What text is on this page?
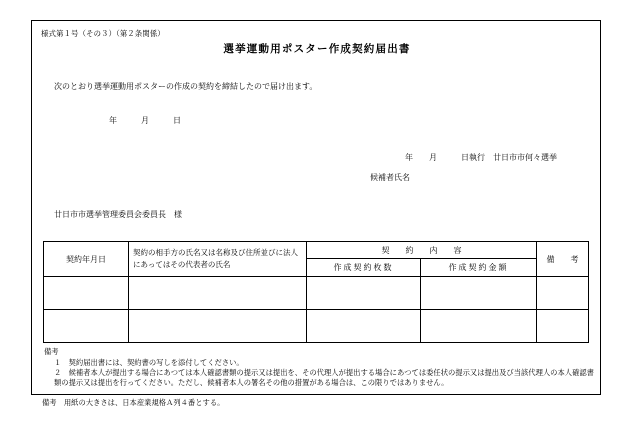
様式第１号（その３）（第２条関係）
選挙運動用ポスター作成契約届出書
次のとおり選挙運動用ポスターの作成の契約を締結したので届け出ます。
年　　　月　　　日
年　　月　　　日執行　廿日市市何々選挙
候補者氏名
廿日市市選挙管理委員会委員長　様
契約年月日	契約の相手方の氏名又は名称及び住所並びに法人にあってはその代表者の氏名	契　　約　　内　　容		備　　考
		作成契約枚数	作成契約金額	

備考
１　契約届出書には、契約書の写しを添付してください。
２　候補者本人が提出する場合にあつては本人確認書類の提示又は提出を、その代理人が提出する場合にあつては委任状の提示又は提出及び当該代理人の本人確認書類の提示又は提出を行ってください。ただし、候補者本人の署名その他の措置がある場合は、この限りではありません。
備考　用紙の大きさは、日本産業規格Ａ列４番とする。
